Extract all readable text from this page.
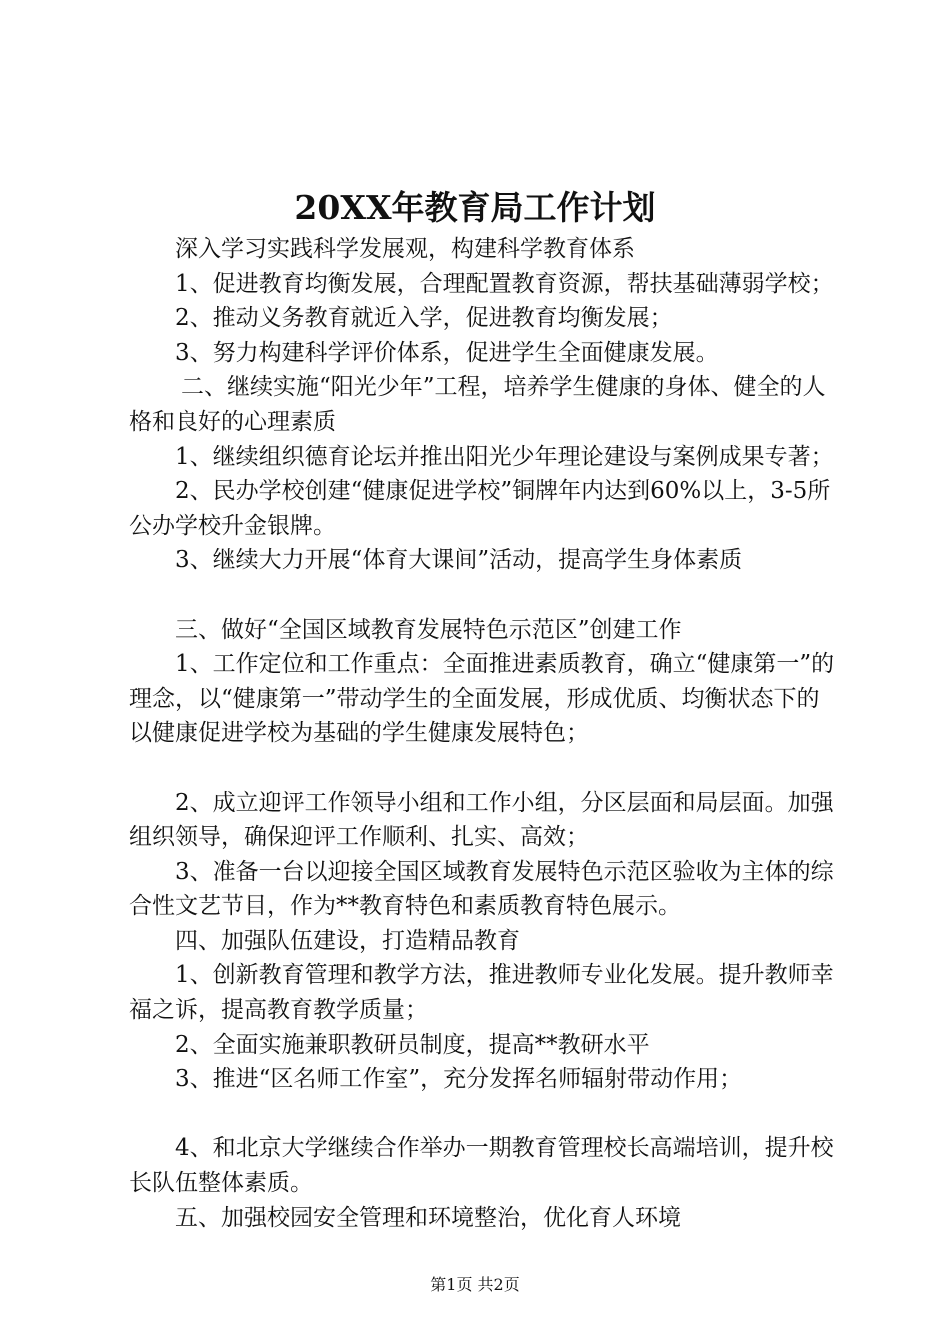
20XX年教育局工作计划

深入学习实践科学发展观，构建科学教育体系

1、促进教育均衡发展，合理配置教育资源，帮扶基础薄弱学校；

2、推动义务教育就近入学，促进教育均衡发展；

3、努力构建科学评价体系，促进学生全面健康发展。

二、继续实施“阳光少年”工程，培养学生健康的身体、健全的人格和良好的心理素质

1、继续组织德育论坛并推出阳光少年理论建设与案例成果专著；

2、民办学校创建“健康促进学校”铜牌年内达到60%以上，3-5所公办学校升金银牌。

3、继续大力开展“体育大课间”活动，提高学生身体素质

三、做好“全国区域教育发展特色示范区”创建工作

1、工作定位和工作重点：全面推进素质教育，确立“健康第一”的理念，以“健康第一”带动学生的全面发展，形成优质、均衡状态下的以健康促进学校为基础的学生健康发展特色；

2、成立迎评工作领导小组和工作小组，分区层面和局层面。加强组织领导，确保迎评工作顺利、扎实、高效；

3、准备一台以迎接全国区域教育发展特色示范区验收为主体的综合性文艺节目，作为**教育特色和素质教育特色展示。

四、加强队伍建设，打造精品教育

1、创新教育管理和教学方法，推进教师专业化发展。提升教师幸福之诉，提高教育教学质量；

2、全面实施兼职教研员制度，提高**教研水平

3、推进“区名师工作室”，充分发挥名师辐射带动作用；

4、和北京大学继续合作举办一期教育管理校长高端培训，提升校长队伍整体素质。

五、加强校园安全管理和环境整治，优化育人环境

第1页 共2页
